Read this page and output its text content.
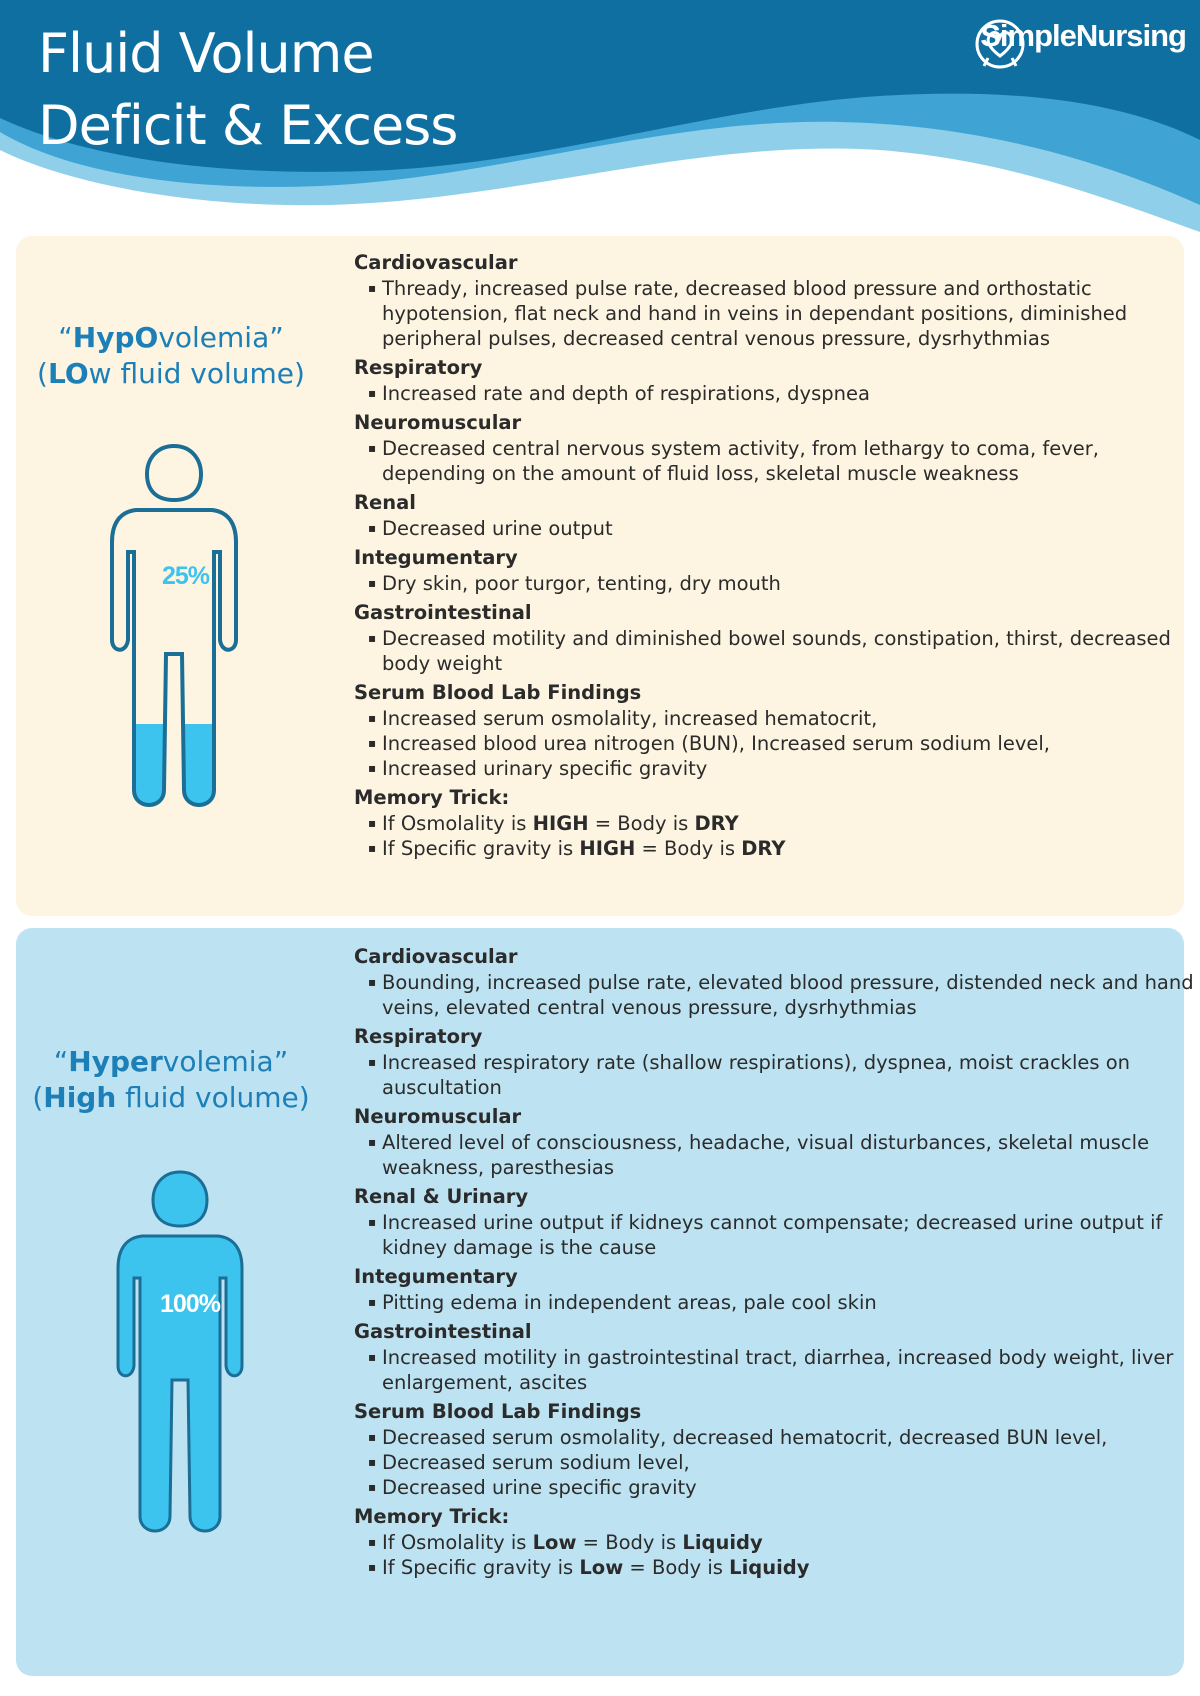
Fluid Volume
Deficit & Excess
SimpleNursing
“HypOvolemia”
(LOw fluid volume)
25%
Cardiovascular
▪ Thready, increased pulse rate, decreased blood pressure and orthostatic hypotension, flat neck and hand in veins in dependant positions, diminished peripheral pulses, decreased central venous pressure, dysrhythmias
Respiratory
▪ Increased rate and depth of respirations, dyspnea
Neuromuscular
▪ Decreased central nervous system activity, from lethargy to coma, fever, depending on the amount of fluid loss, skeletal muscle weakness
Renal
▪ Decreased urine output
Integumentary
▪ Dry skin, poor turgor, tenting, dry mouth
Gastrointestinal
▪ Decreased motility and diminished bowel sounds, constipation, thirst, decreased body weight
Serum Blood Lab Findings
▪ Increased serum osmolality, increased hematocrit,
▪ Increased blood urea nitrogen (BUN), Increased serum sodium level,
▪ Increased urinary specific gravity
Memory Trick:
▪ If Osmolality is HIGH = Body is DRY
▪ If Specific gravity is HIGH = Body is DRY
“Hypervolemia”
(High fluid volume)
100%
Cardiovascular
▪ Bounding, increased pulse rate, elevated blood pressure, distended neck and hand veins, elevated central venous pressure, dysrhythmias
Respiratory
▪ Increased respiratory rate (shallow respirations), dyspnea, moist crackles on auscultation
Neuromuscular
▪ Altered level of consciousness, headache, visual disturbances, skeletal muscle weakness, paresthesias
Renal & Urinary
▪ Increased urine output if kidneys cannot compensate; decreased urine output if kidney damage is the cause
Integumentary
▪ Pitting edema in independent areas, pale cool skin
Gastrointestinal
▪ Increased motility in gastrointestinal tract, diarrhea, increased body weight, liver enlargement, ascites
Serum Blood Lab Findings
▪ Decreased serum osmolality, decreased hematocrit, decreased BUN level,
▪ Decreased serum sodium level,
▪ Decreased urine specific gravity
Memory Trick:
▪ If Osmolality is Low = Body is Liquidy
▪ If Specific gravity is Low = Body is Liquidy
